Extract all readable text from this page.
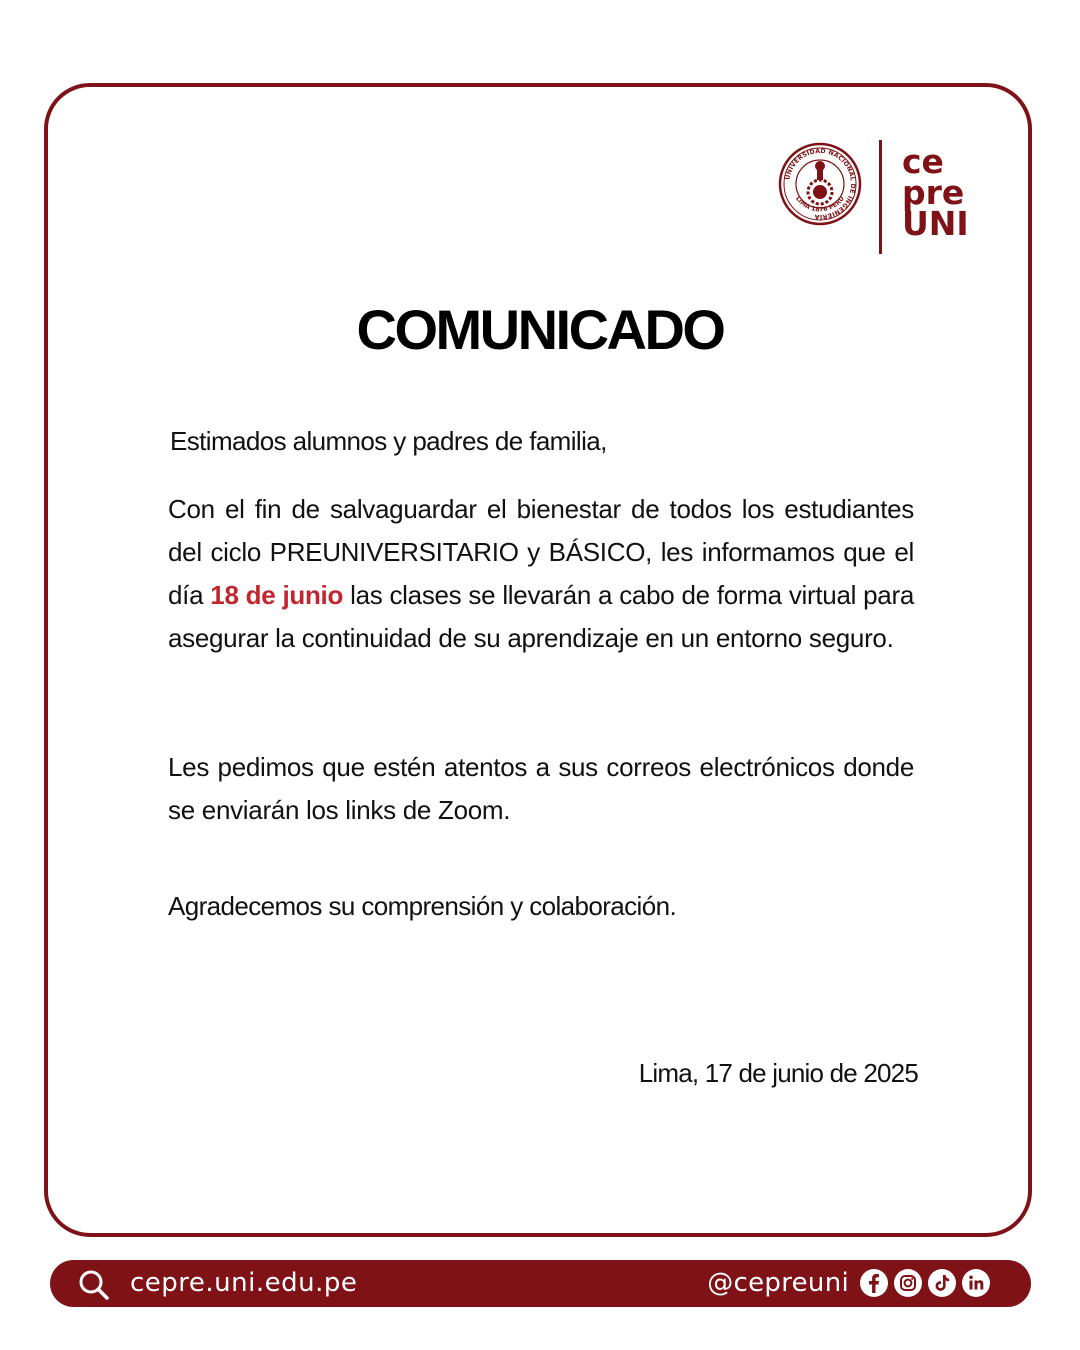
UNIVERSIDAD NACIONAL DE INGENIERIA
LIMA 1876 PERU
ce
pre
UNI
COMUNICADO

Estimados alumnos y padres de familia,

Con el fin de salvaguardar el bienestar de todos los estudiantes del ciclo PREUNIVERSITARIO y BÁSICO, les informamos que el día 18 de junio las clases se llevarán a cabo de forma virtual para asegurar la continuidad de su aprendizaje en un entorno seguro.

Les pedimos que estén atentos a sus correos electrónicos donde se enviarán los links de Zoom.

Agradecemos su comprensión y colaboración.

Lima, 17 de junio de 2025

cepre.uni.edu.pe	@cepreuni
